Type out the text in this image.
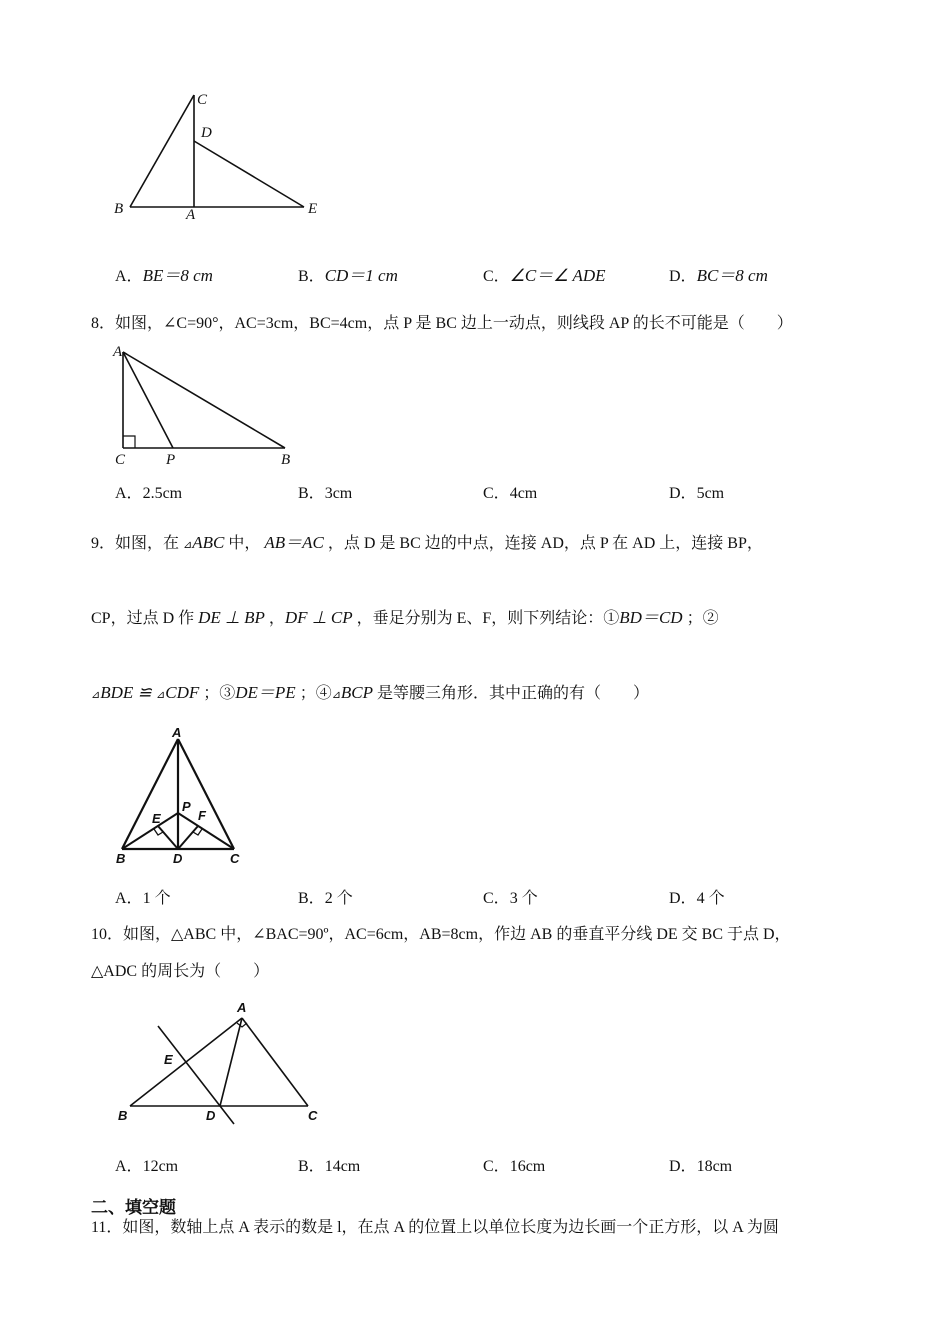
C
D
B	A	E
A．BE＝8 cm	B．CD＝1 cm	C．∠C＝∠ ADE	D．BC＝8 cm
8．如图，∠C=90°，AC=3cm，BC=4cm，点 P 是 BC 边上一动点，则线段 AP 的长不可能是（　　）
A
C	P	B
A．2.5cm	B．3cm	C．4cm	D．5cm
9．如图，在 ⊿ABC 中， AB＝AC ，点 D 是 BC 边的中点，连接 AD，点 P 在 AD 上，连接 BP，
CP，过点 D 作 DE ⊥ BP ，DF ⊥ CP ，垂足分别为 E、F，则下列结论：①BD＝CD ；②
⊿BDE ≌ ⊿CDF ；③DE＝PE ；④⊿BCP 是等腰三角形．其中正确的有（　　）
A
E
P
F
B	D	C
A．1 个	B．2 个	C．3 个	D．4 个
10．如图，△ABC 中，∠BAC=90º，AC=6cm，AB=8cm，作边 AB 的垂直平分线 DE 交 BC 于点 D，
△ADC 的周长为（　　）
A
E
B	D	C
A．12cm	B．14cm	C．16cm	D．18cm
二、填空题
11．如图，数轴上点 A 表示的数是 l，在点 A 的位置上以单位长度为边长画一个正方形，以 A 为圆
